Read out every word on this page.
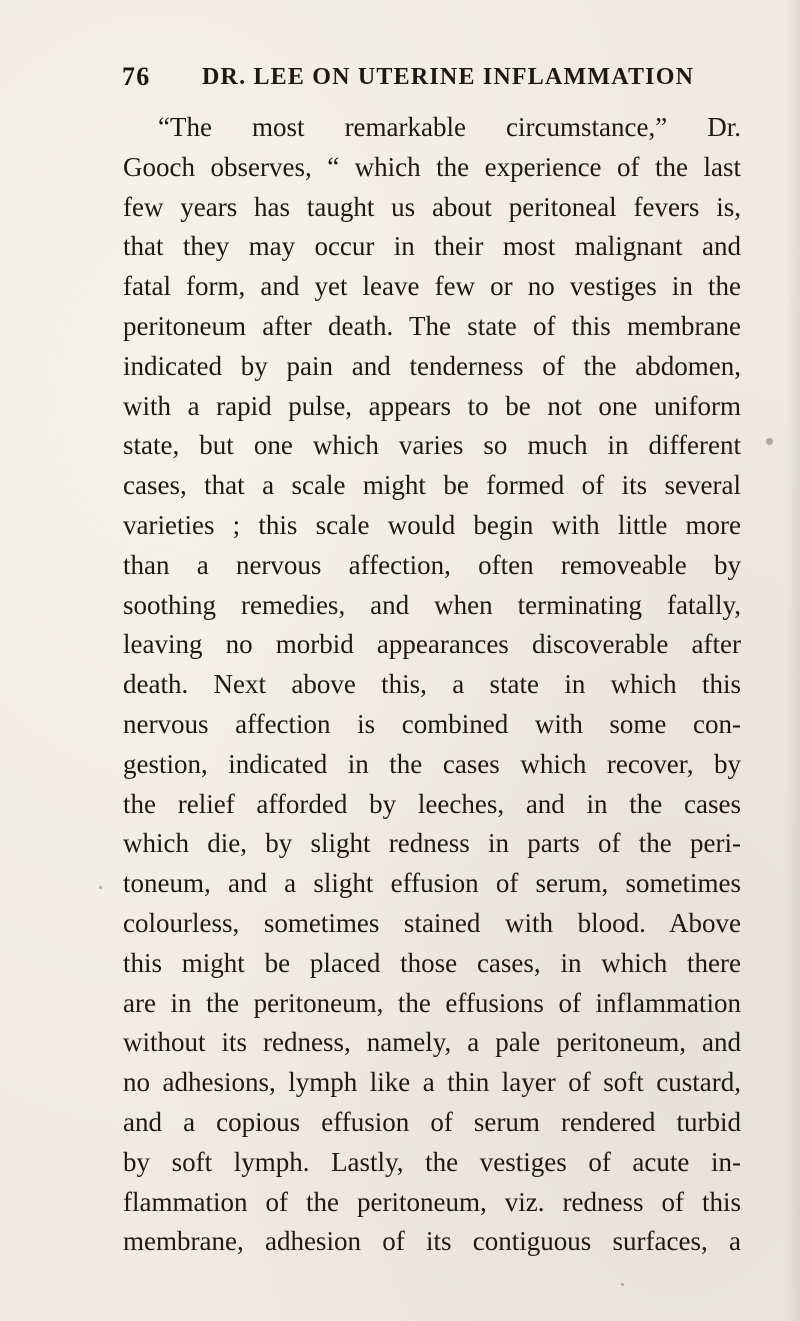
76 DR. LEE ON UTERINE INFLAMMATION
“The most remarkable circumstance,” Dr.
Gooch observes, “ which the experience of the last
few years has taught us about peritoneal fevers is,
that they may occur in their most malignant and
fatal form, and yet leave few or no vestiges in the
peritoneum after death. The state of this membrane
indicated by pain and tenderness of the abdomen,
with a rapid pulse, appears to be not one uniform
state, but one which varies so much in different
cases, that a scale might be formed of its several
varieties ; this scale would begin with little more
than a nervous affection, often removeable by
soothing remedies, and when terminating fatally,
leaving no morbid appearances discoverable after
death. Next above this, a state in which this
nervous affection is combined with some con-
gestion, indicated in the cases which recover, by
the relief afforded by leeches, and in the cases
which die, by slight redness in parts of the peri-
toneum, and a slight effusion of serum, sometimes
colourless, sometimes stained with blood. Above
this might be placed those cases, in which there
are in the peritoneum, the effusions of inflammation
without its redness, namely, a pale peritoneum, and
no adhesions, lymph like a thin layer of soft custard,
and a copious effusion of serum rendered turbid
by soft lymph. Lastly, the vestiges of acute in-
flammation of the peritoneum, viz. redness of this
membrane, adhesion of its contiguous surfaces, a
